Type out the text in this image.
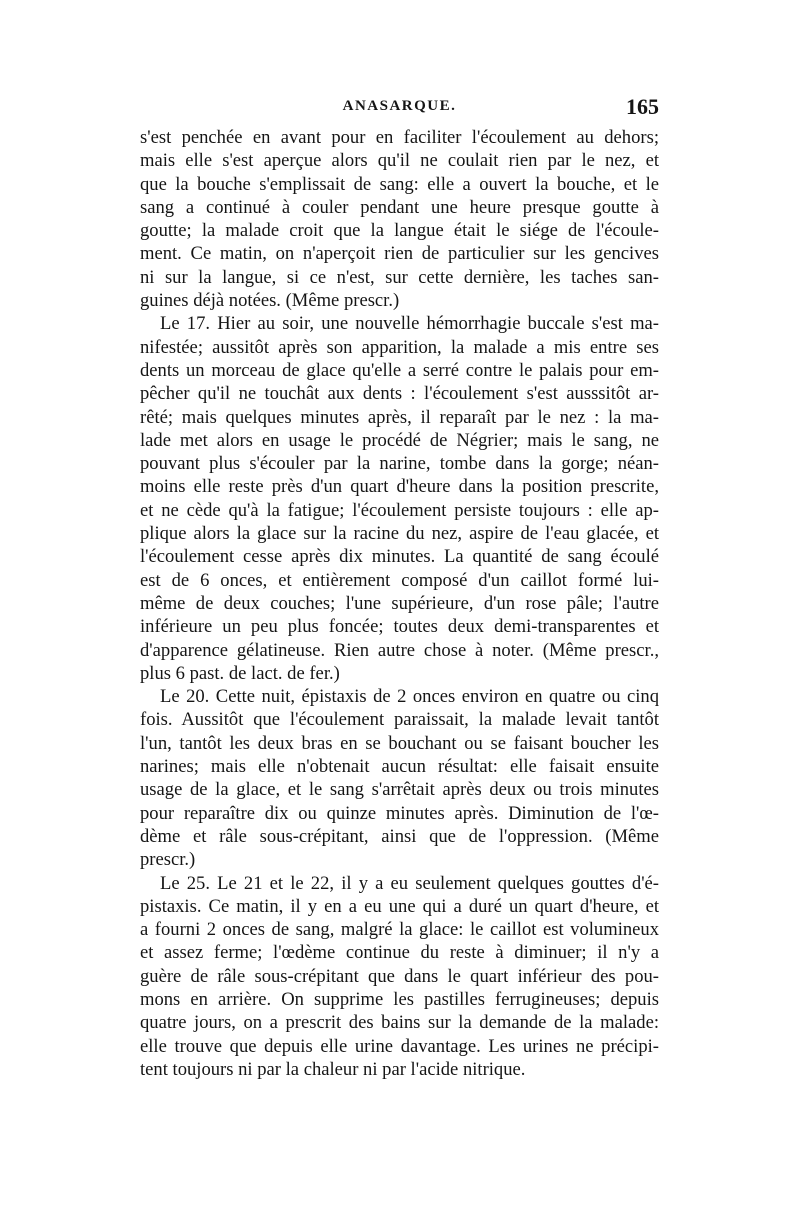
ANASARQUE.	165
s'est penchée en avant pour en faciliter l'écoulement au dehors;
mais elle s'est aperçue alors qu'il ne coulait rien par le nez, et
que la bouche s'emplissait de sang: elle a ouvert la bouche, et le
sang a continué à couler pendant une heure presque goutte à
goutte; la malade croit que la langue était le siége de l'écoule-
ment. Ce matin, on n'aperçoit rien de particulier sur les gencives
ni sur la langue, si ce n'est, sur cette dernière, les taches san-
guines déjà notées. (Même prescr.)
Le 17. Hier au soir, une nouvelle hémorrhagie buccale s'est ma-
nifestée; aussitôt après son apparition, la malade a mis entre ses
dents un morceau de glace qu'elle a serré contre le palais pour em-
pêcher qu'il ne touchât aux dents : l'écoulement s'est ausssitôt ar-
rêté; mais quelques minutes après, il reparaît par le nez : la ma-
lade met alors en usage le procédé de Négrier; mais le sang, ne
pouvant plus s'écouler par la narine, tombe dans la gorge; néan-
moins elle reste près d'un quart d'heure dans la position prescrite,
et ne cède qu'à la fatigue; l'écoulement persiste toujours : elle ap-
plique alors la glace sur la racine du nez, aspire de l'eau glacée, et
l'écoulement cesse après dix minutes. La quantité de sang écoulé
est de 6 onces, et entièrement composé d'un caillot formé lui-
même de deux couches; l'une supérieure, d'un rose pâle; l'autre
inférieure un peu plus foncée; toutes deux demi-transparentes et
d'apparence gélatineuse. Rien autre chose à noter. (Même prescr.,
plus 6 past. de lact. de fer.)
Le 20. Cette nuit, épistaxis de 2 onces environ en quatre ou cinq
fois. Aussitôt que l'écoulement paraissait, la malade levait tantôt
l'un, tantôt les deux bras en se bouchant ou se faisant boucher les
narines; mais elle n'obtenait aucun résultat: elle faisait ensuite
usage de la glace, et le sang s'arrêtait après deux ou trois minutes
pour reparaître dix ou quinze minutes après. Diminution de l'œ-
dème et râle sous-crépitant, ainsi que de l'oppression. (Même
prescr.)
Le 25. Le 21 et le 22, il y a eu seulement quelques gouttes d'é-
pistaxis. Ce matin, il y en a eu une qui a duré un quart d'heure, et
a fourni 2 onces de sang, malgré la glace: le caillot est volumineux
et assez ferme; l'œdème continue du reste à diminuer; il n'y a
guère de râle sous-crépitant que dans le quart inférieur des pou-
mons en arrière. On supprime les pastilles ferrugineuses; depuis
quatre jours, on a prescrit des bains sur la demande de la malade:
elle trouve que depuis elle urine davantage. Les urines ne précipi-
tent toujours ni par la chaleur ni par l'acide nitrique.
